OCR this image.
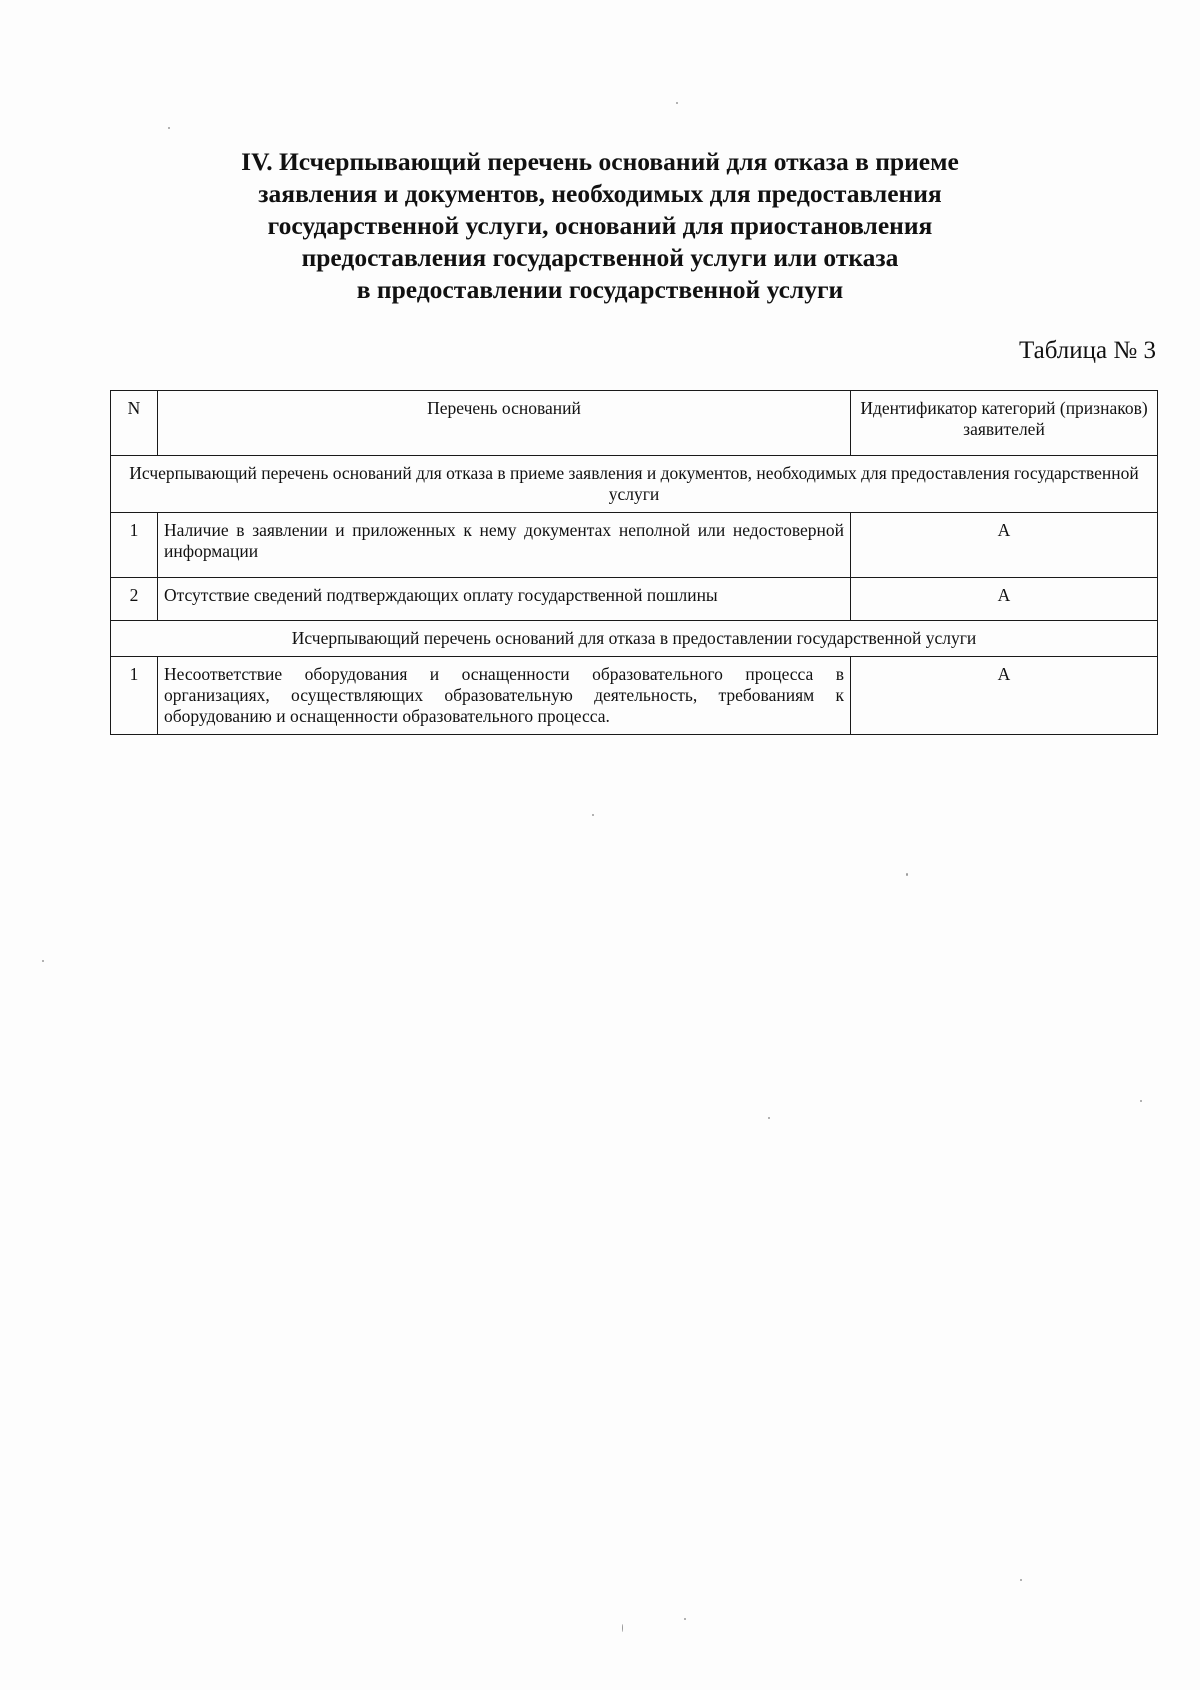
IV. Исчерпывающий перечень оснований для отказа в приеме
заявления и документов, необходимых для предоставления
государственной услуги, оснований для приостановления
предоставления государственной услуги или отказа
в предоставлении государственной услуги
Таблица № 3
N	Перечень оснований	Идентификатор категорий (признаков) заявителей
Исчерпывающий перечень оснований для отказа в приеме заявления и документов, необходимых для предоставления государственной услуги		
1	Наличие в заявлении и приложенных к нему документах неполной или недостоверной информации	А
2	Отсутствие сведений подтверждающих оплату государственной пошлины	А
Исчерпывающий перечень оснований для отказа в предоставлении государственной услуги		
1	Несоответствие оборудования и оснащенности образовательного процесса в организациях, осуществляющих образовательную деятельность, требованиям к оборудованию и оснащенности образовательного процесса.	А
